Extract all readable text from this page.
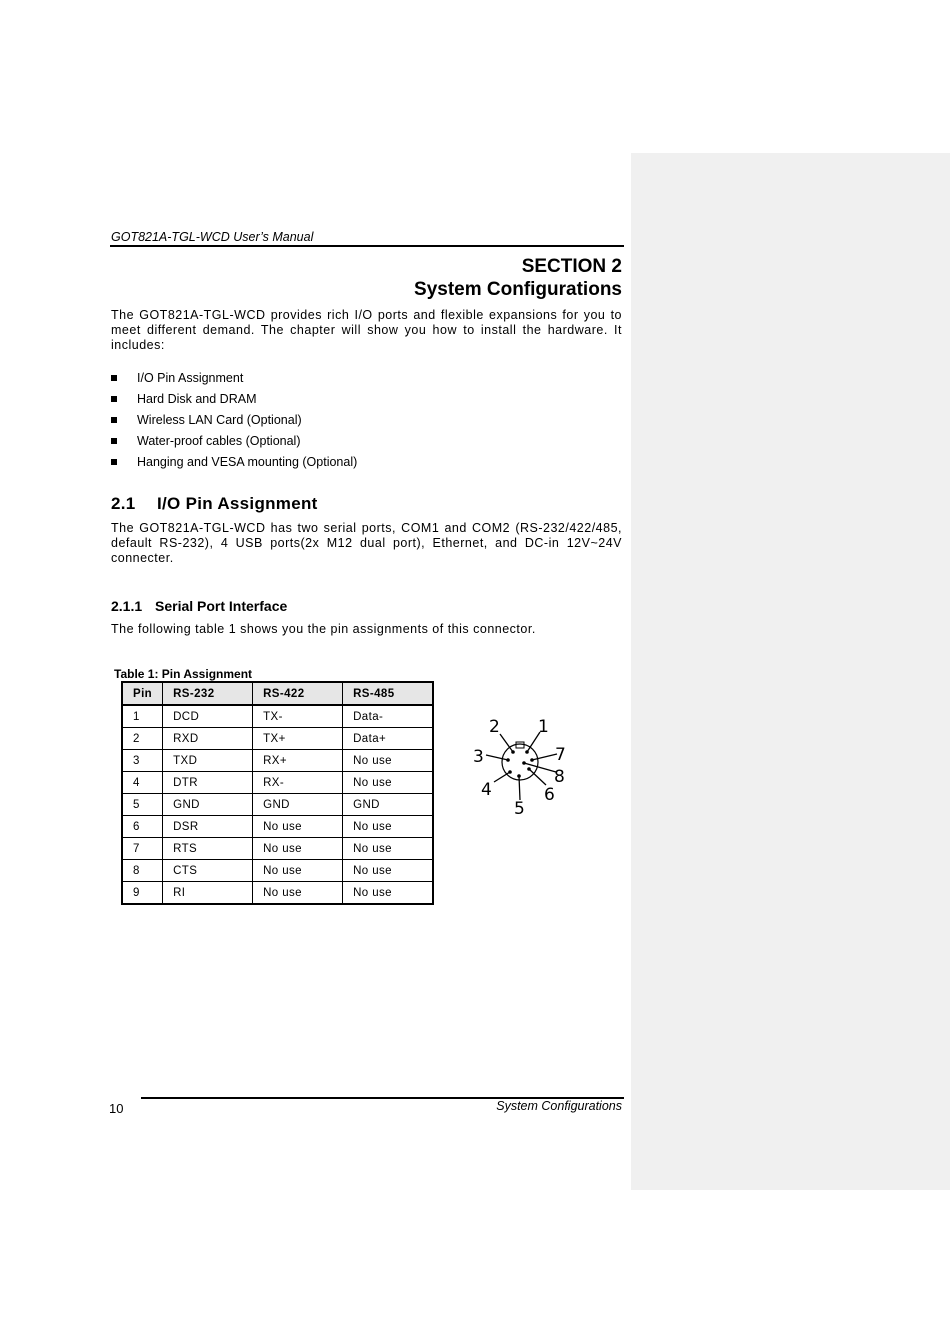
GOT821A-TGL-WCD User’s Manual
SECTION 2
System Configurations
The GOT821A-TGL-WCD provides rich I/O ports and flexible expansions for you to meet different demand. The chapter will show you how to install the hardware. It includes:
I/O Pin Assignment
Hard Disk and DRAM
Wireless LAN Card (Optional)
Water-proof cables (Optional)
Hanging and VESA mounting (Optional)
2.1 I/O Pin Assignment
The GOT821A-TGL-WCD has two serial ports, COM1 and COM2 (RS-232/422/485, default RS-232), 4 USB ports(2x M12 dual port), Ethernet, and DC-in 12V~24V connecter.
2.1.1 Serial Port Interface
The following table 1 shows you the pin assignments of this connector.
Table 1: Pin Assignment
Pin	RS-232	RS-422	RS-485
1	DCD	TX-	Data-
2	RXD	TX+	Data+
3	TXD	RX+	No use
4	DTR	RX-	No use
5	GND	GND	GND
6	DSR	No use	No use
7	RTS	No use	No use
8	CTS	No use	No use
9	RI	No use	No use
1
2
3
4
5
6
7
8
10	System Configurations
